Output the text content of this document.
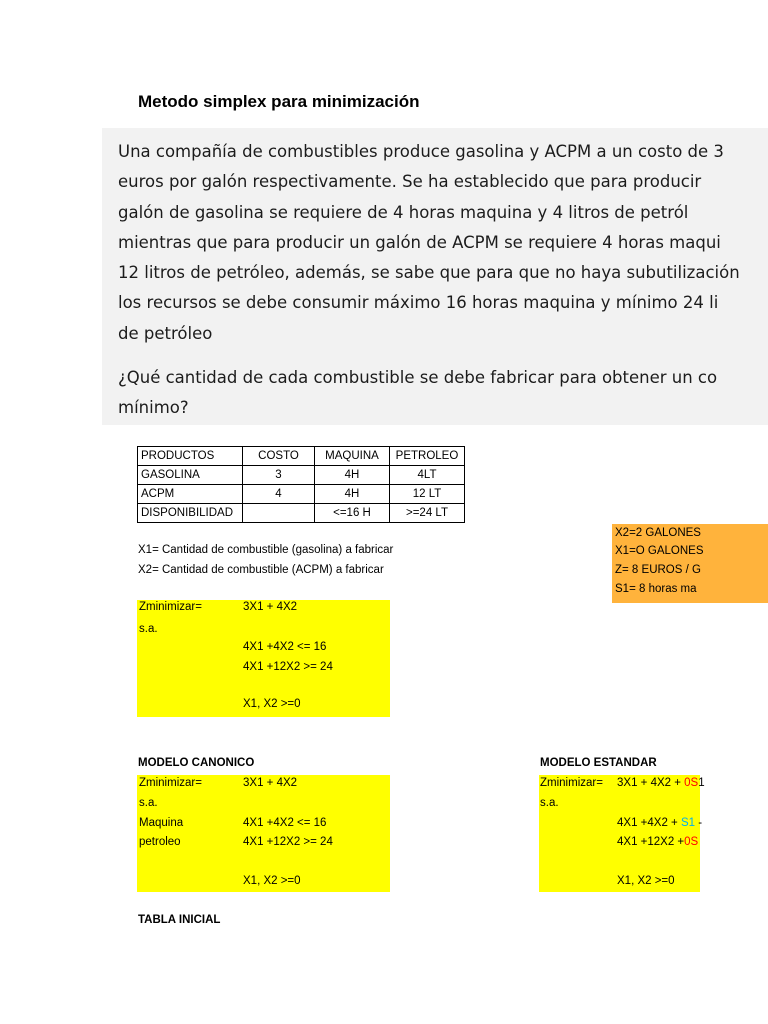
Metodo simplex para minimización

Una compañía de combustibles produce gasolina y ACPM a un costo de 3

euros por galón respectivamente. Se ha establecido que para producir

galón de gasolina se requiere de 4 horas maquina y 4 litros de petról

mientras que para producir un galón de ACPM se requiere 4 horas maqui

12 litros de petróleo, además, se sabe que para que no haya subutilización

los recursos se debe consumir máximo 16 horas maquina y mínimo 24 li

de petróleo

¿Qué cantidad de cada combustible se debe fabricar para obtener un co

mínimo?

PRODUCTOS	COSTO	MAQUINA	PETROLEO
GASOLINA	3	4H	4LT
ACPM	4	4H	12 LT
DISPONIBILIDAD		<=16 H	>=24 LT
X1= Cantidad de combustible (gasolina) a fabricar
X2= Cantidad de combustible (ACPM) a fabricar
X2=2 GALONES
X1=O GALONES
Z= 8 EUROS / G
S1= 8 horas ma
Zminimizar=	3X1 + 4X2
s.a.
4X1 +4X2 <= 16
4X1 +12X2 >= 24
X1, X2 >=0
MODELO CANONICO
Zminimizar=	3X1 + 4X2
s.a.
Maquina	4X1 +4X2 <= 16
petroleo	4X1 +12X2 >= 24
X1, X2 >=0
MODELO ESTANDAR
Zminimizar= 3X1 + 4X2 + 0S1
s.a.
4X1 +4X2 + S1 -
4X1 +12X2 +0S
X1, X2 >=0
TABLA INICIAL
